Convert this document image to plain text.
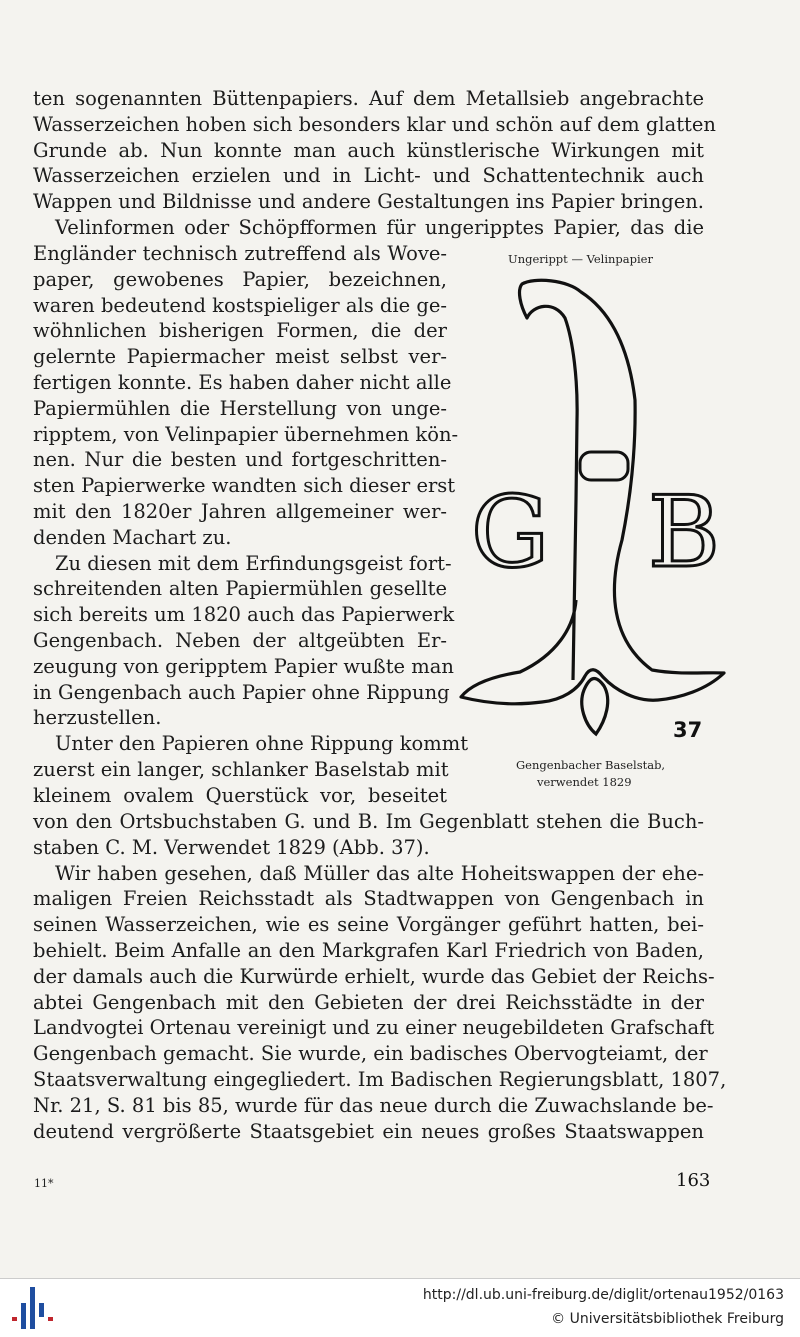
ten sogenannten Büttenpapiers. Auf dem Metallsieb angebrachte
Wasserzeichen hoben sich besonders klar und schön auf dem glatten
Grunde ab. Nun konnte man auch künstlerische Wirkungen mit
Wasserzeichen erzielen und in Licht- und Schattentechnik auch
Wappen und Bildnisse und andere Gestaltungen ins Papier bringen.
Velinformen oder Schöpfformen für ungeripptes Papier, das die
Engländer technisch zutreffend als Wove-
paper, gewobenes Papier, bezeichnen,
waren bedeutend kostspieliger als die ge-
wöhnlichen bisherigen Formen, die der
gelernte Papiermacher meist selbst ver-
fertigen konnte. Es haben daher nicht alle
Papiermühlen die Herstellung von unge-
ripptem, von Velinpapier übernehmen kön-
nen. Nur die besten und fortgeschritten-
sten Papierwerke wandten sich dieser erst
mit den 1820er Jahren allgemeiner wer-
denden Machart zu.
Zu diesen mit dem Erfindungsgeist fort-
schreitenden alten Papiermühlen gesellte
sich bereits um 1820 auch das Papierwerk
Gengenbach. Neben der altgeübten Er-
zeugung von geripptem Papier wußte man
in Gengenbach auch Papier ohne Rippung
herzustellen.
Unter den Papieren ohne Rippung kommt
zuerst ein langer, schlanker Baselstab mit
kleinem ovalem Querstück vor, beseitet
von den Ortsbuchstaben G. und B. Im Gegenblatt stehen die Buch-
staben C. M. Verwendet 1829 (Abb. 37).
Wir haben gesehen, daß Müller das alte Hoheitswappen der ehe-
maligen Freien Reichsstadt als Stadtwappen von Gengenbach in
seinen Wasserzeichen, wie es seine Vorgänger geführt hatten, bei-
behielt. Beim Anfalle an den Markgrafen Karl Friedrich von Baden,
der damals auch die Kurwürde erhielt, wurde das Gebiet der Reichs-
abtei Gengenbach mit den Gebieten der drei Reichsstädte in der
Landvogtei Ortenau vereinigt und zu einer neugebildeten Grafschaft
Gengenbach gemacht. Sie wurde, ein badisches Obervogteiamt, der
Staatsverwaltung eingegliedert. Im Badischen Regierungsblatt, 1807,
Nr. 21, S. 81 bis 85, wurde für das neue durch die Zuwachslande be-
deutend vergrößerte Staatsgebiet ein neues großes Staatswappen
Ungerippt — Velinpapier
G B
37
Gengenbacher Baselstab,
verwendet 1829
11*	163
http://dl.ub.uni-freiburg.de/diglit/ortenau1952/0163
© Universitätsbibliothek Freiburg
